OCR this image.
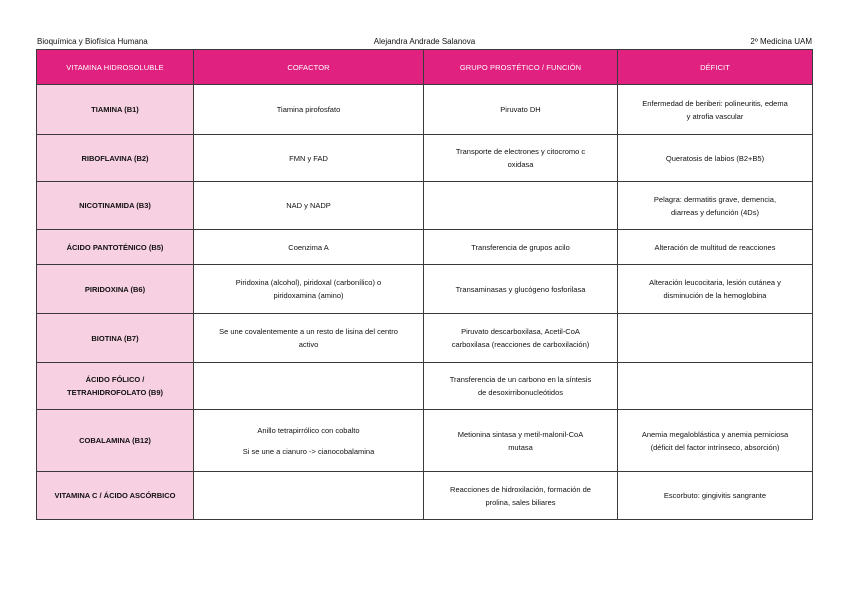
Bioquímica y Biofísica Humana	Alejandra Andrade Salanova	2º Medicina UAM
VITAMINA HIDROSOLUBLE	COFACTOR	GRUPO PROSTÉTICO / FUNCIÓN	DÉFICIT
TIAMINA (B1)	Tiamina pirofosfato	Piruvato DH	Enfermedad de beriberi: polineuritis, edema
y atrofia vascular
RIBOFLAVINA (B2)	FMN y FAD	Transporte de electrones y citocromo c
oxidasa	Queratosis de labios (B2+B5)
NICOTINAMIDA (B3)	NAD y NADP		Pelagra: dermatitis grave, demencia,
diarreas y defunción (4Ds)
ÁCIDO PANTOTÉNICO (B5)	Coenzima A	Transferencia de grupos acilo	Alteración de multitud de reacciones
PIRIDOXINA (B6)	Piridoxina (alcohol), piridoxal (carbonílico) o
piridoxamina (amino)	Transaminasas y glucógeno fosforilasa	Alteración leucocitaria, lesión cutánea y
disminución de la hemoglobina
BIOTINA (B7)	Se une covalentemente a un resto de lisina del centro
activo	Piruvato descarboxilasa, Acetil-CoA
carboxilasa (reacciones de carboxilación)	
ÁCIDO FÓLICO /
TETRAHIDROFOLATO (B9)		Transferencia de un carbono en la síntesis
de desoxirribonucleótidos	
COBALAMINA (B12)	Anillo tetrapirrólico con cobalto
Si se une a cianuro -> cianocobalamina	Metionina sintasa y metil-malonil-CoA
mutasa	Anemia megaloblástica y anemia perniciosa
(déficit del factor intrínseco, absorción)
VITAMINA C / ÁCIDO ASCÓRBICO		Reacciones de hidroxilación, formación de
prolina, sales biliares	Escorbuto: gingivitis sangrante
